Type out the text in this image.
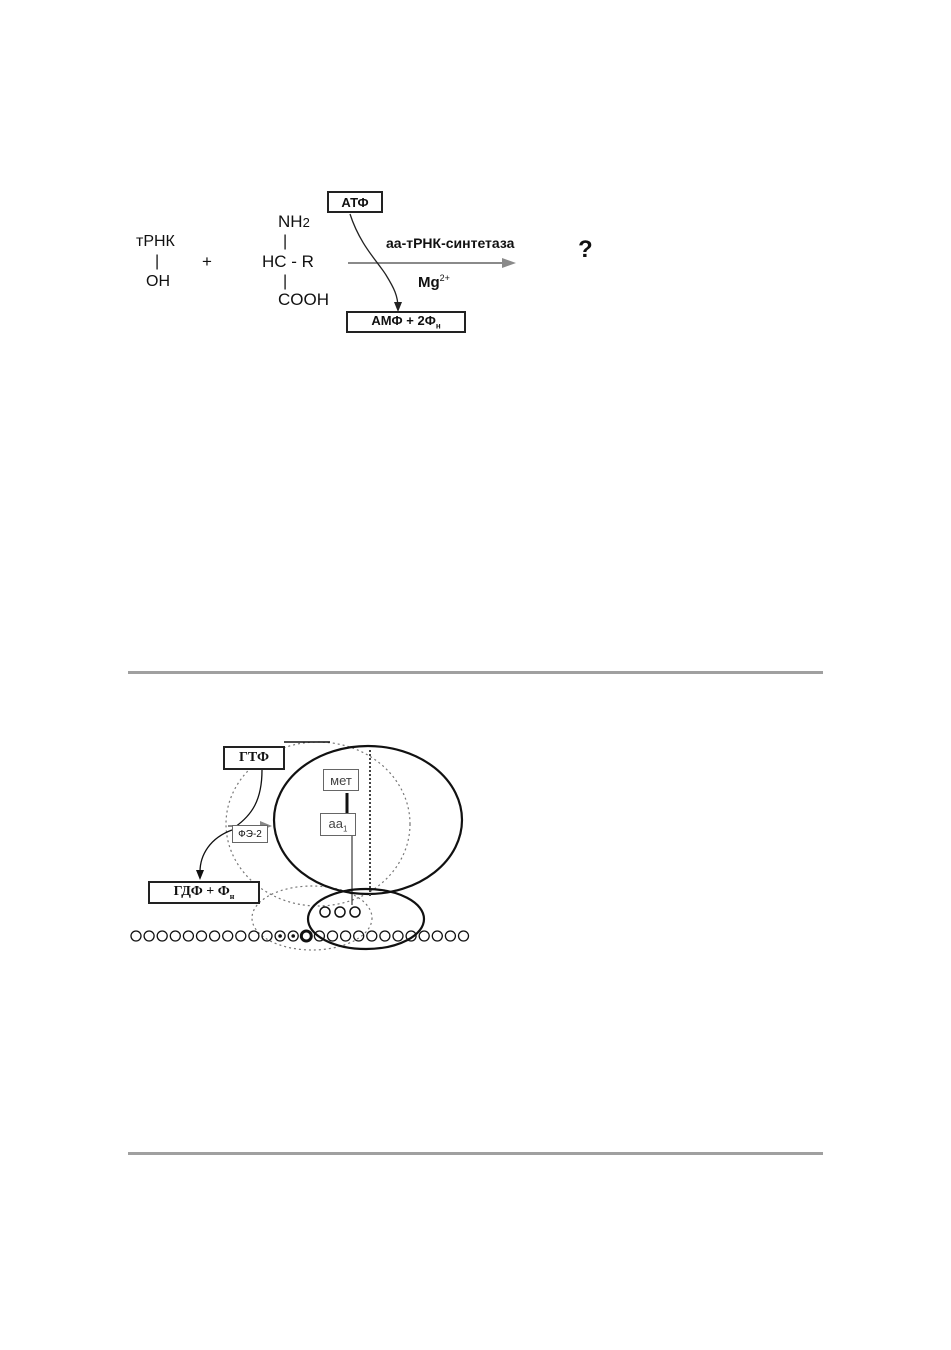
тРНК
|
OH
+
NH2
|
HC - R
|
COOH
АТФ
аа-тРНК-синтетаза
$Mg^{2+}$
АМФ + $2Ф_н$
?
ГТФ
ФЭ-2
ГДФ + $Ф_н$
мет
$аа_1$
